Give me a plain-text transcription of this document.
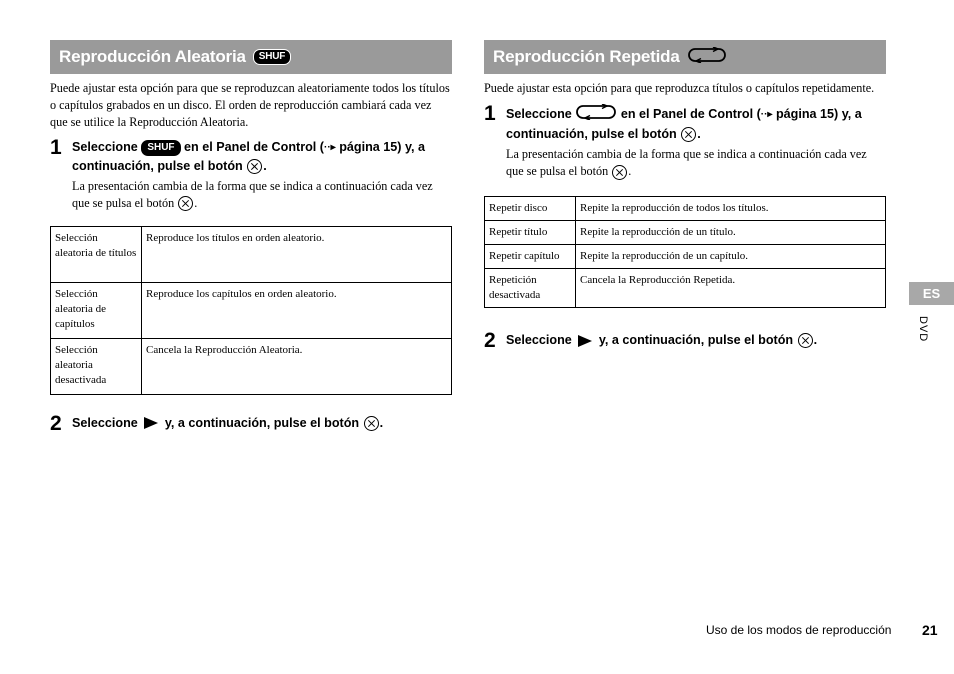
Reproducción Aleatoria	SHUF

Puede ajustar esta opción para que se reproduzcan aleatoriamente todos los títulos o capítulos grabados en un disco. El orden de reproducción cambiará cada vez que se utilice la Reproducción Aleatoria.

1 Seleccione SHUF en el Panel de Control (··▸ página 15) y, a continuación, pulse el botón .
La presentación cambia de la forma que se indica a continuación cada vez que se pulsa el botón .
Selección aleatoria de títulos	Reproduce los títulos en orden aleatorio.
Selección aleatoria de capítulos	Reproduce los capítulos en orden aleatorio.
Selección aleatoria desactivada	Cancela la Reproducción Aleatoria.
2 Seleccione y, a continuación, pulse el botón .
Reproducción Repetida

Puede ajustar esta opción para que reproduzca títulos o capítulos repetidamente.

1 Seleccione	en el Panel de Control (··▸ página 15) y, a continuación, pulse el botón .
La presentación cambia de la forma que se indica a continuación cada vez que se pulsa el botón .
Repetir disco	Repite la reproducción de todos los títulos.
Repetir título	Repite la reproducción de un título.
Repetir capítulo	Repite la reproducción de un capítulo.
Repetición desactivada	Cancela la Reproducción Repetida.
2 Seleccione y, a continuación, pulse el botón .
ES
DVD
Uso de los modos de reproducción 21
